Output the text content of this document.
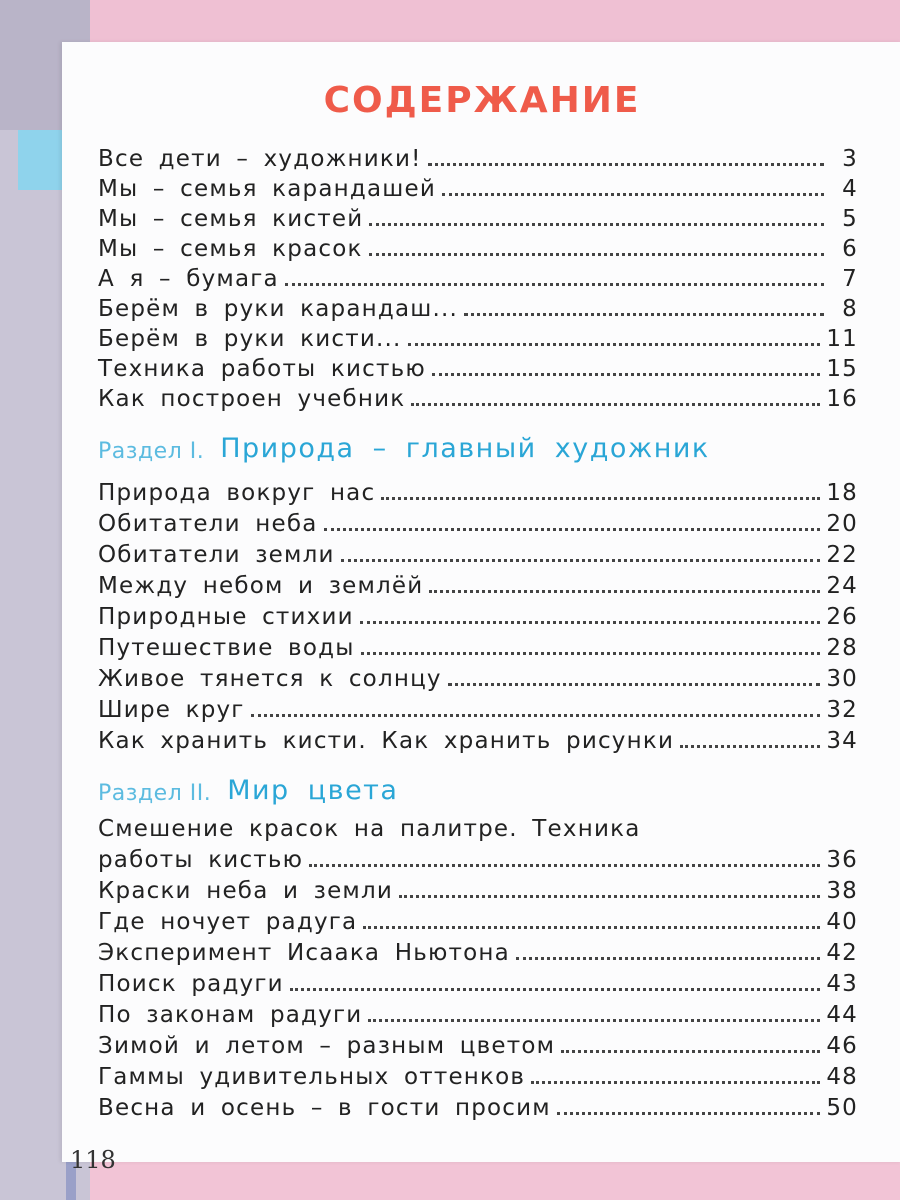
СОДЕРЖАНИЕ
Все дети – художники!	3
Мы – семья карандашей	4
Мы – семья кистей	5
Мы – семья красок	6
А я – бумага	7
Берём в руки карандаш...	8
Берём в руки кисти...	11
Техника работы кистью	15
Как построен учебник	16
Раздел I. Природа – главный художник
Природа вокруг нас	18
Обитатели неба	20
Обитатели земли	22
Между небом и землёй	24
Природные стихии	26
Путешествие воды	28
Живое тянется к солнцу	30
Шире круг	32
Как хранить кисти. Как хранить рисунки	34
Раздел II. Мир цвета
Смешение красок на палитре. Техника
работы кистью	36
Краски неба и земли	38
Где ночует радуга	40
Эксперимент Исаака Ньютона	42
Поиск радуги	43
По законам радуги	44
Зимой и летом – разным цветом	46
Гаммы удивительных оттенков	48
Весна и осень – в гости просим	50
118
